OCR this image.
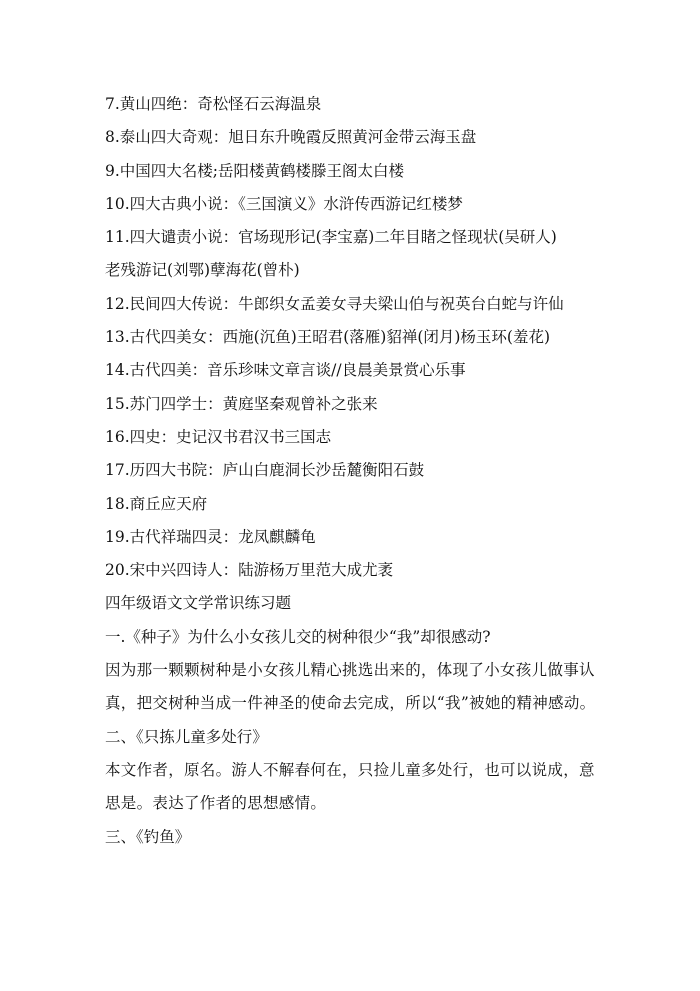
7.黄山四绝：奇松怪石云海温泉

8.泰山四大奇观：旭日东升晚霞反照黄河金带云海玉盘

9.中国四大名楼;岳阳楼黄鹤楼滕王阁太白楼

10.四大古典小说：《三国演义》水浒传西游记红楼梦

11.四大谴责小说：官场现形记(李宝嘉)二年目睹之怪现状(吴研人)

老残游记(刘鄂)孽海花(曾朴)

12.民间四大传说：牛郎织女孟姜女寻夫梁山伯与祝英台白蛇与许仙

13.古代四美女：西施(沉鱼)王昭君(落雁)貂禅(闭月)杨玉环(羞花)

14.古代四美：音乐珍味文章言谈//良晨美景赏心乐事

15.苏门四学士：黄庭坚秦观曾补之张来

16.四史：史记汉书君汉书三国志

17.历四大书院：庐山白鹿洞长沙岳麓衡阳石鼓

18.商丘应天府

19.古代祥瑞四灵：龙凤麒麟龟

20.宋中兴四诗人：陆游杨万里范大成尤袤

四年级语文文学常识练习题

一.《种子》为什么小女孩儿交的树种很少“我”却很感动?

因为那一颗颗树种是小女孩儿精心挑选出来的，体现了小女孩儿做事认真，把交树种当成一件神圣的使命去完成，所以“我”被她的精神感动。

二、《只拣儿童多处行》

本文作者，原名。游人不解春何在，只捡儿童多处行，也可以说成，意思是。表达了作者的思想感情。

三、《钓鱼》
